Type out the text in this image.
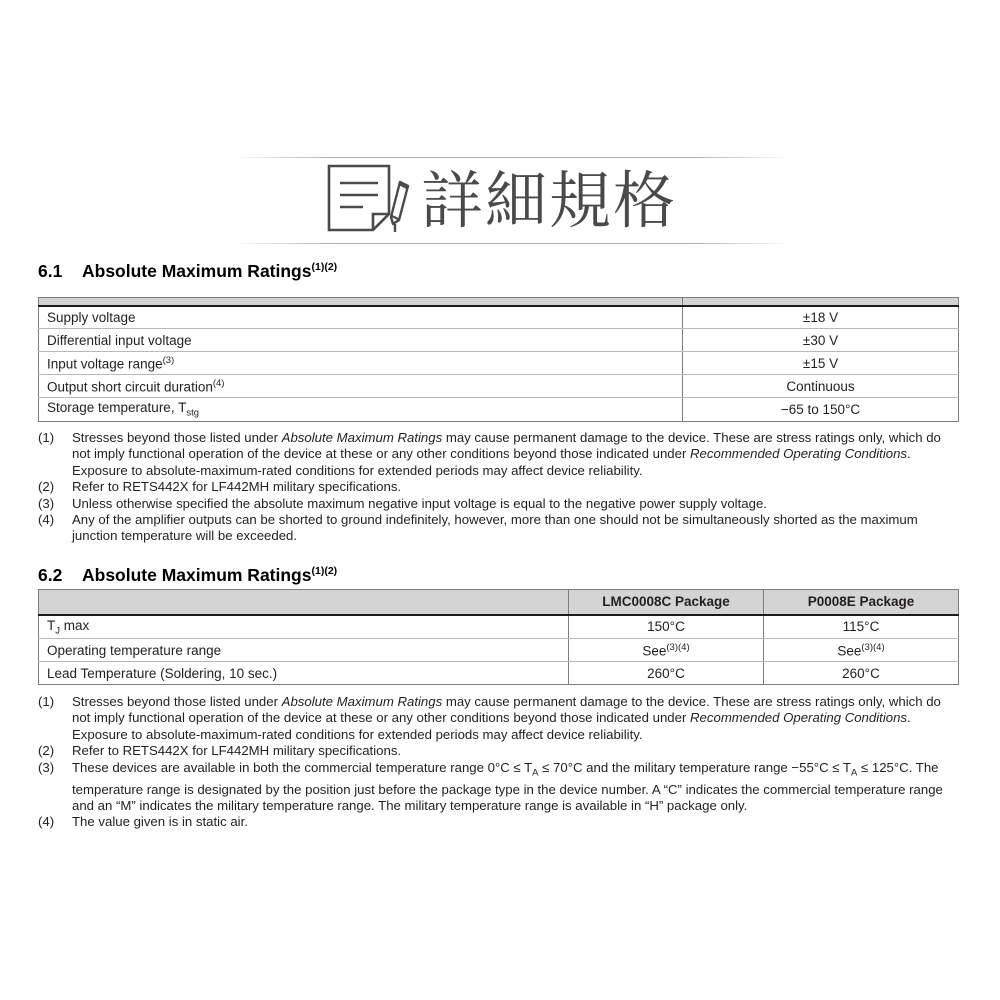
詳細規格
6.1 Absolute Maximum Ratings$^{(1)(2)}$

Supply voltage	±18 V
Differential input voltage	±30 V
Input voltage range$^{(3)}$	±15 V
Output short circuit duration$^{(4)}$	Continuous
Storage temperature, $T_{stg}$	−65 to 150°C
(1)	Stresses beyond those listed under Absolute Maximum Ratings may cause permanent damage to the device. These are stress ratings only, which do not imply functional operation of the device at these or any other conditions beyond those indicated under Recommended Operating Conditions. Exposure to absolute-maximum-rated conditions for extended periods may affect device reliability.
(2)	Refer to RETS442X for LF442MH military specifications.
(3)	Unless otherwise specified the absolute maximum negative input voltage is equal to the negative power supply voltage.
(4)	Any of the amplifier outputs can be shorted to ground indefinitely, however, more than one should not be simultaneously shorted as the maximum junction temperature will be exceeded.
6.2 Absolute Maximum Ratings$^{(1)(2)}$
	LMC0008C Package	P0008E Package
$T_J$ max	150°C	115°C
Operating temperature range	See$^{(3)(4)}$	See$^{(3)(4)}$
Lead Temperature (Soldering, 10 sec.)	260°C	260°C
(1)	Stresses beyond those listed under Absolute Maximum Ratings may cause permanent damage to the device. These are stress ratings only, which do not imply functional operation of the device at these or any other conditions beyond those indicated under Recommended Operating Conditions. Exposure to absolute-maximum-rated conditions for extended periods may affect device reliability.
(2)	Refer to RETS442X for LF442MH military specifications.
(3)	These devices are available in both the commercial temperature range $0^\circ C \le T_A \le 70^\circ C$ and the military temperature range $-55^\circ C \le T_A \le 125^\circ C$. The temperature range is designated by the position just before the package type in the device number. A “C” indicates the commercial temperature range and an “M” indicates the military temperature range. The military temperature range is available in “H” package only.
(4)	The value given is in static air.
